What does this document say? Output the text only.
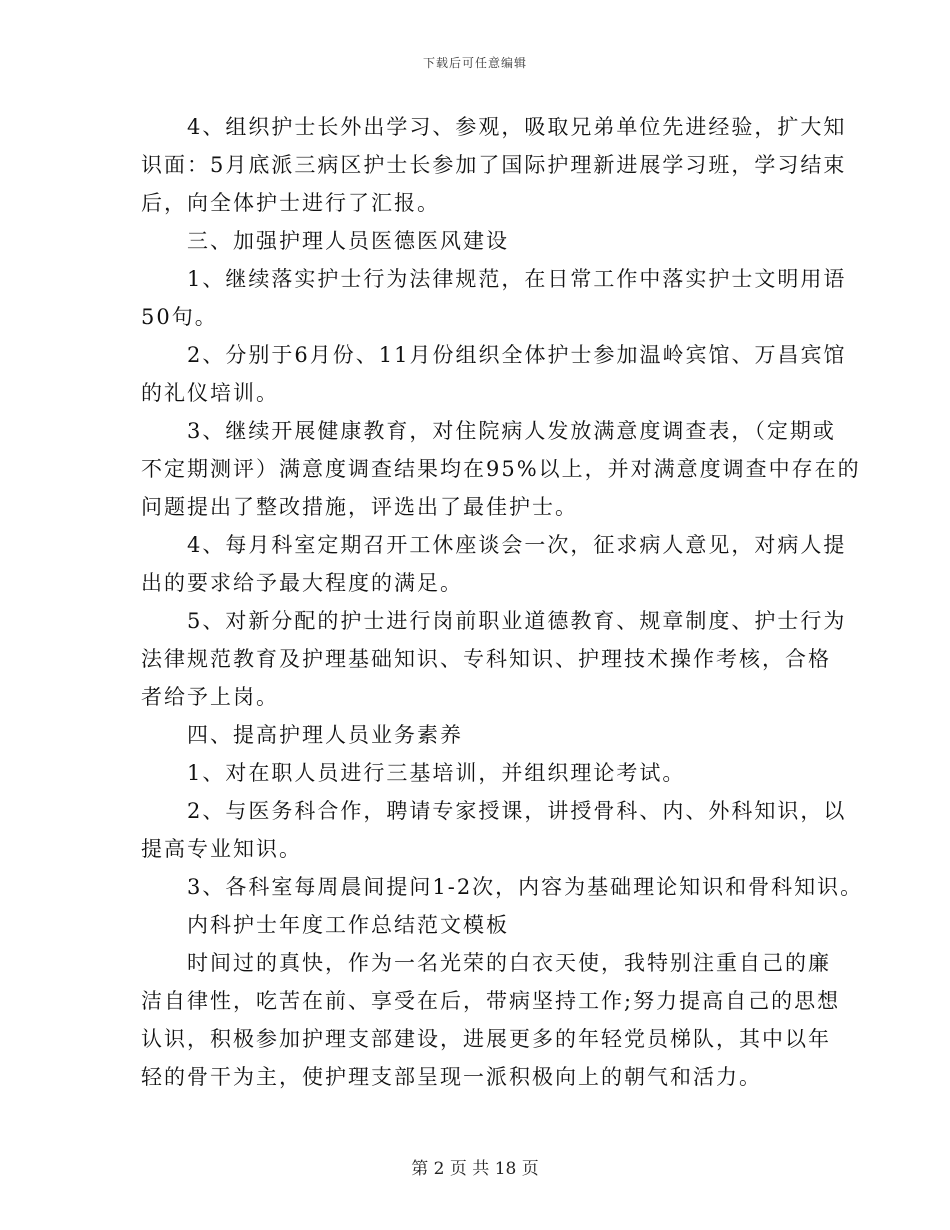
下载后可任意编辑
4、组织护士长外出学习、参观，吸取兄弟单位先进经验，扩大知
识面：5月底派三病区护士长参加了国际护理新进展学习班，学习结束
后，向全体护士进行了汇报。
三、加强护理人员医德医风建设
1、继续落实护士行为法律规范，在日常工作中落实护士文明用语
50句。
2、分别于6月份、11月份组织全体护士参加温岭宾馆、万昌宾馆
的礼仪培训。
3、继续开展健康教育，对住院病人发放满意度调查表，（定期或
不定期测评）满意度调查结果均在95%以上，并对满意度调查中存在的
问题提出了整改措施，评选出了最佳护士。
4、每月科室定期召开工休座谈会一次，征求病人意见，对病人提
出的要求给予最大程度的满足。
5、对新分配的护士进行岗前职业道德教育、规章制度、护士行为
法律规范教育及护理基础知识、专科知识、护理技术操作考核，合格
者给予上岗。
四、提高护理人员业务素养
1、对在职人员进行三基培训，并组织理论考试。
2、与医务科合作，聘请专家授课，讲授骨科、内、外科知识，以
提高专业知识。
3、各科室每周晨间提问1-2次，内容为基础理论知识和骨科知识。
内科护士年度工作总结范文模板
时间过的真快，作为一名光荣的白衣天使，我特别注重自己的廉
洁自律性，吃苦在前、享受在后，带病坚持工作;努力提高自己的思想
认识，积极参加护理支部建设，进展更多的年轻党员梯队，其中以年
轻的骨干为主，使护理支部呈现一派积极向上的朝气和活力。
第 2 页 共 18 页
